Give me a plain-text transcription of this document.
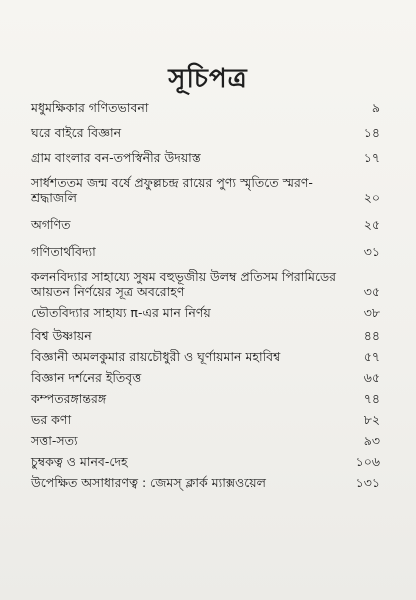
সূচিপত্র
মধুমক্ষিকার গণিতভাবনা	৯
ঘরে বাইরে বিজ্ঞান	১৪
গ্রাম বাংলার বন-তপস্বিনীর উদয়াস্ত	১৭
সার্ধশততম জন্ম বর্ষে প্রফুল্লচন্দ্র রায়ের পুণ্য স্মৃতিতে স্মরণ-শ্রদ্ধাজলি	২০
অগণিত	২৫
গণিতার্থবিদ্যা	৩১
কলনবিদ্যার সাহায্যে সুষম বহুভূজীয় উলম্ব প্রতিসম পিরামিডের আয়তন নির্ণয়ের সূত্র অবরোহণ	৩৫
ভৌতবিদ্যার সাহায্য π-এর মান নির্ণয়	৩৮
বিশ্ব উষ্ণায়ন	৪৪
বিজ্ঞানী অমলকুমার রায়চৌধুরী ও ঘূর্ণায়মান মহাবিশ্ব	৫৭
বিজ্ঞান দর্শনের ইতিবৃত্ত	৬৫
কম্পতরঙ্গান্তরঙ্গ	৭৪
ভর কণা	৮২
সত্তা-সত্য	৯৩
চুম্বকত্ব ও মানব-দেহ	১০৬
উপেক্ষিত অসাধারণত্ব : জেমস্ ক্লার্ক ম্যাক্সওয়েল	১৩১
